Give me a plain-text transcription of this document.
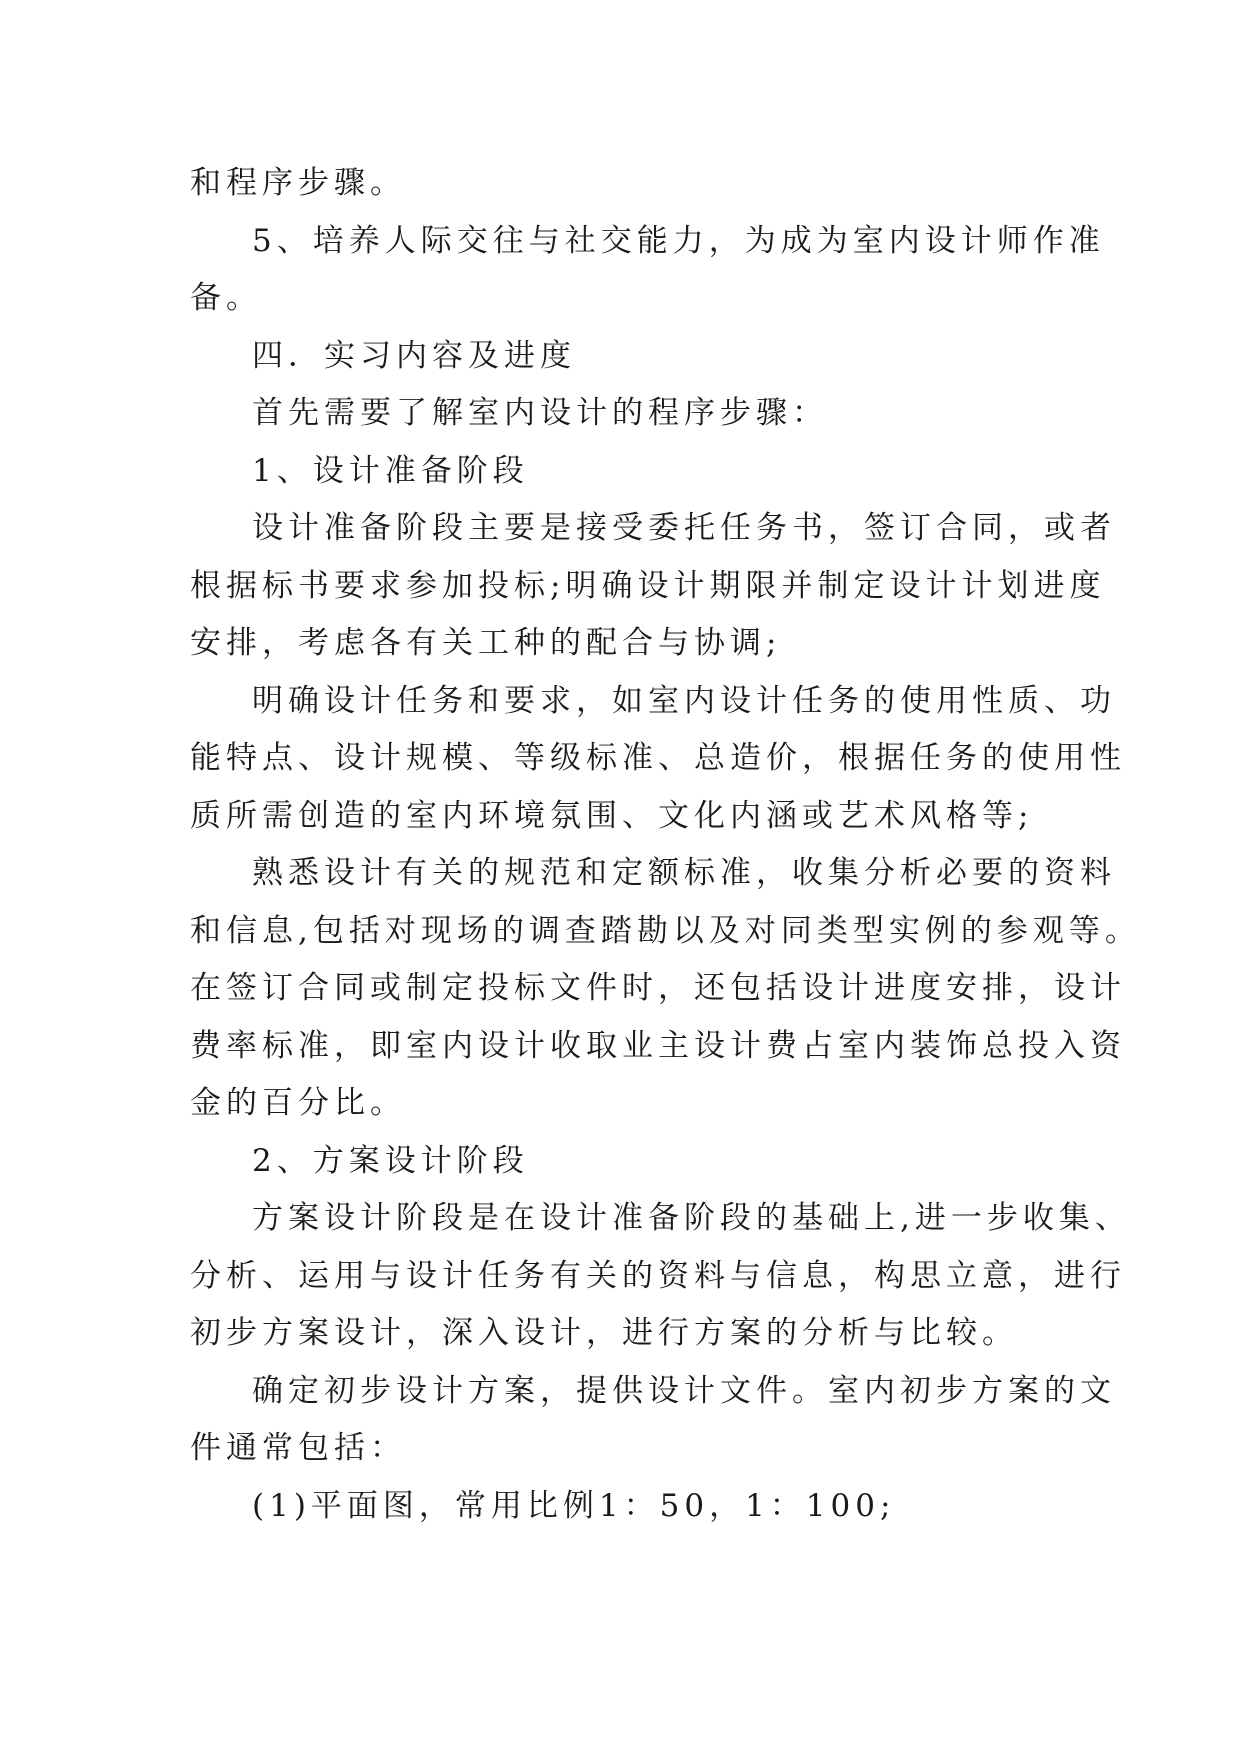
和程序步骤。

5、培养人际交往与社交能力，为成为室内设计师作准

备。

四．实习内容及进度

首先需要了解室内设计的程序步骤：

1、设计准备阶段

设计准备阶段主要是接受委托任务书，签订合同，或者

根据标书要求参加投标;明确设计期限并制定设计计划进度

安排，考虑各有关工种的配合与协调;

明确设计任务和要求，如室内设计任务的使用性质、功

能特点、设计规模、等级标准、总造价，根据任务的使用性

质所需创造的室内环境氛围、文化内涵或艺术风格等;

熟悉设计有关的规范和定额标准，收集分析必要的资料

和信息,包括对现场的调查踏勘以及对同类型实例的参观等。

在签订合同或制定投标文件时，还包括设计进度安排，设计

费率标准，即室内设计收取业主设计费占室内装饰总投入资

金的百分比。

2、方案设计阶段

方案设计阶段是在设计准备阶段的基础上,进一步收集、

分析、运用与设计任务有关的资料与信息，构思立意，进行

初步方案设计，深入设计，进行方案的分析与比较。

确定初步设计方案，提供设计文件。室内初步方案的文

件通常包括：

(1)平面图，常用比例1：50，1：100;
